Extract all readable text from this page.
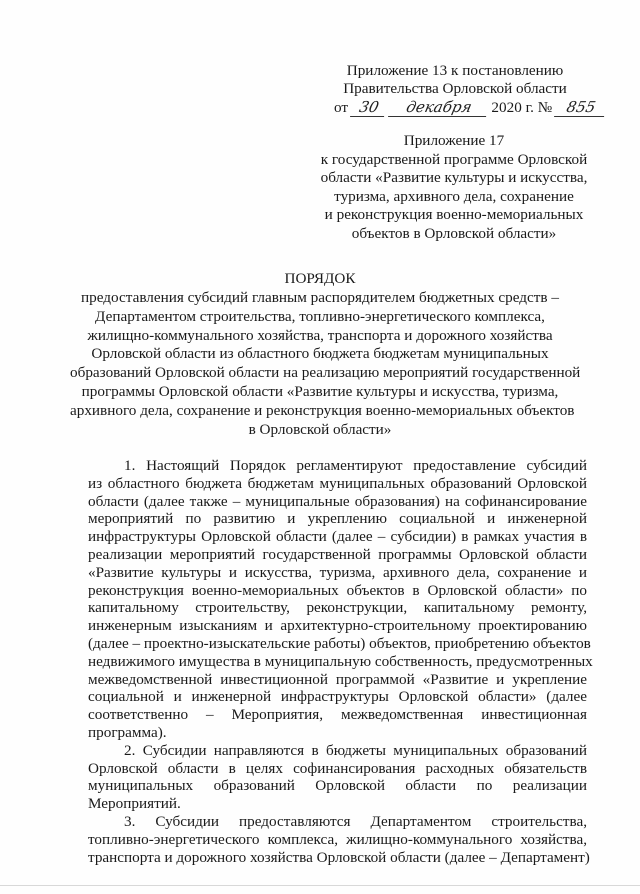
Приложение 13 к постановлению
Правительства Орловской области
от 30 декабря 2020 г. № 855
Приложение 17
к государственной программе Орловской
области «Развитие культуры и искусства,
туризма, архивного дела, сохранение
и реконструкция военно-мемориальных
объектов в Орловской области»
ПОРЯДОК
предоставления субсидий главным распорядителем бюджетных средств –
Департаментом строительства, топливно-энергетического комплекса,
жилищно-коммунального хозяйства, транспорта и дорожного хозяйства
Орловской области из областного бюджета бюджетам муниципальных
образований Орловской области на реализацию мероприятий государственной
программы Орловской области «Развитие культуры и искусства, туризма,
архивного дела, сохранение и реконструкция военно-мемориальных объектов
в Орловской области»
1. Настоящий Порядок регламентируют предоставление субсидий
из областного бюджета бюджетам муниципальных образований Орловской
области (далее также – муниципальные образования) на софинансирование
мероприятий по развитию и укреплению социальной и инженерной
инфраструктуры Орловской области (далее – субсидии) в рамках участия в
реализации мероприятий государственной программы Орловской области
«Развитие культуры и искусства, туризма, архивного дела, сохранение и
реконструкция военно-мемориальных объектов в Орловской области» по
капитальному строительству, реконструкции, капитальному ремонту,
инженерным изысканиям и архитектурно-строительному проектированию
(далее – проектно-изыскательские работы) объектов, приобретению объектов
недвижимого имущества в муниципальную собственность, предусмотренных
межведомственной инвестиционной программой «Развитие и укрепление
социальной и инженерной инфраструктуры Орловской области» (далее
соответственно – Мероприятия, межведомственная инвестиционная
программа).
2. Субсидии направляются в бюджеты муниципальных образований
Орловской области в целях софинансирования расходных обязательств
муниципальных образований Орловской области по реализации
Мероприятий.
3. Субсидии предоставляются Департаментом строительства,
топливно-энергетического комплекса, жилищно-коммунального хозяйства,
транспорта и дорожного хозяйства Орловской области (далее – Департамент)
